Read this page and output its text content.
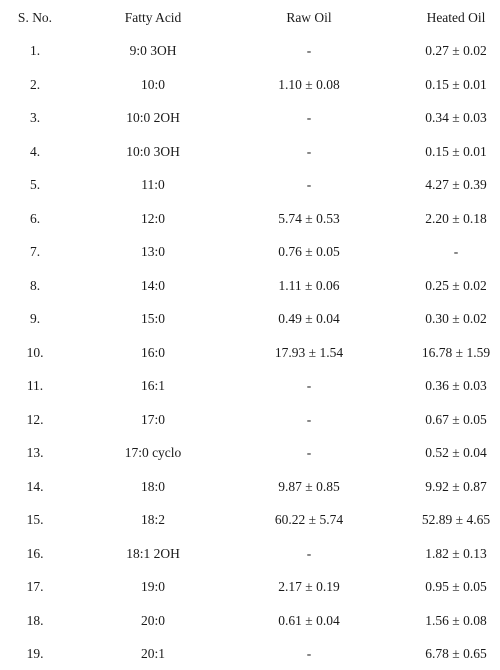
S. No.	Fatty Acid	Raw Oil	Heated Oil
1.	9:0 3OH	-	0.27 ± 0.02
2.	10:0	1.10 ± 0.08	0.15 ± 0.01
3.	10:0 2OH	-	0.34 ± 0.03
4.	10:0 3OH	-	0.15 ± 0.01
5.	11:0	-	4.27 ± 0.39
6.	12:0	5.74 ± 0.53	2.20 ± 0.18
7.	13:0	0.76 ± 0.05	-
8.	14:0	1.11 ± 0.06	0.25 ± 0.02
9.	15:0	0.49 ± 0.04	0.30 ± 0.02
10.	16:0	17.93 ± 1.54	16.78 ± 1.59
11.	16:1	-	0.36 ± 0.03
12.	17:0	-	0.67 ± 0.05
13.	17:0 cyclo	-	0.52 ± 0.04
14.	18:0	9.87 ± 0.85	9.92 ± 0.87
15.	18:2	60.22 ± 5.74	52.89 ± 4.65
16.	18:1 2OH	-	1.82 ± 0.13
17.	19:0	2.17 ± 0.19	0.95 ± 0.05
18.	20:0	0.61 ± 0.04	1.56 ± 0.08
19.	20:1	-	6.78 ± 0.65
